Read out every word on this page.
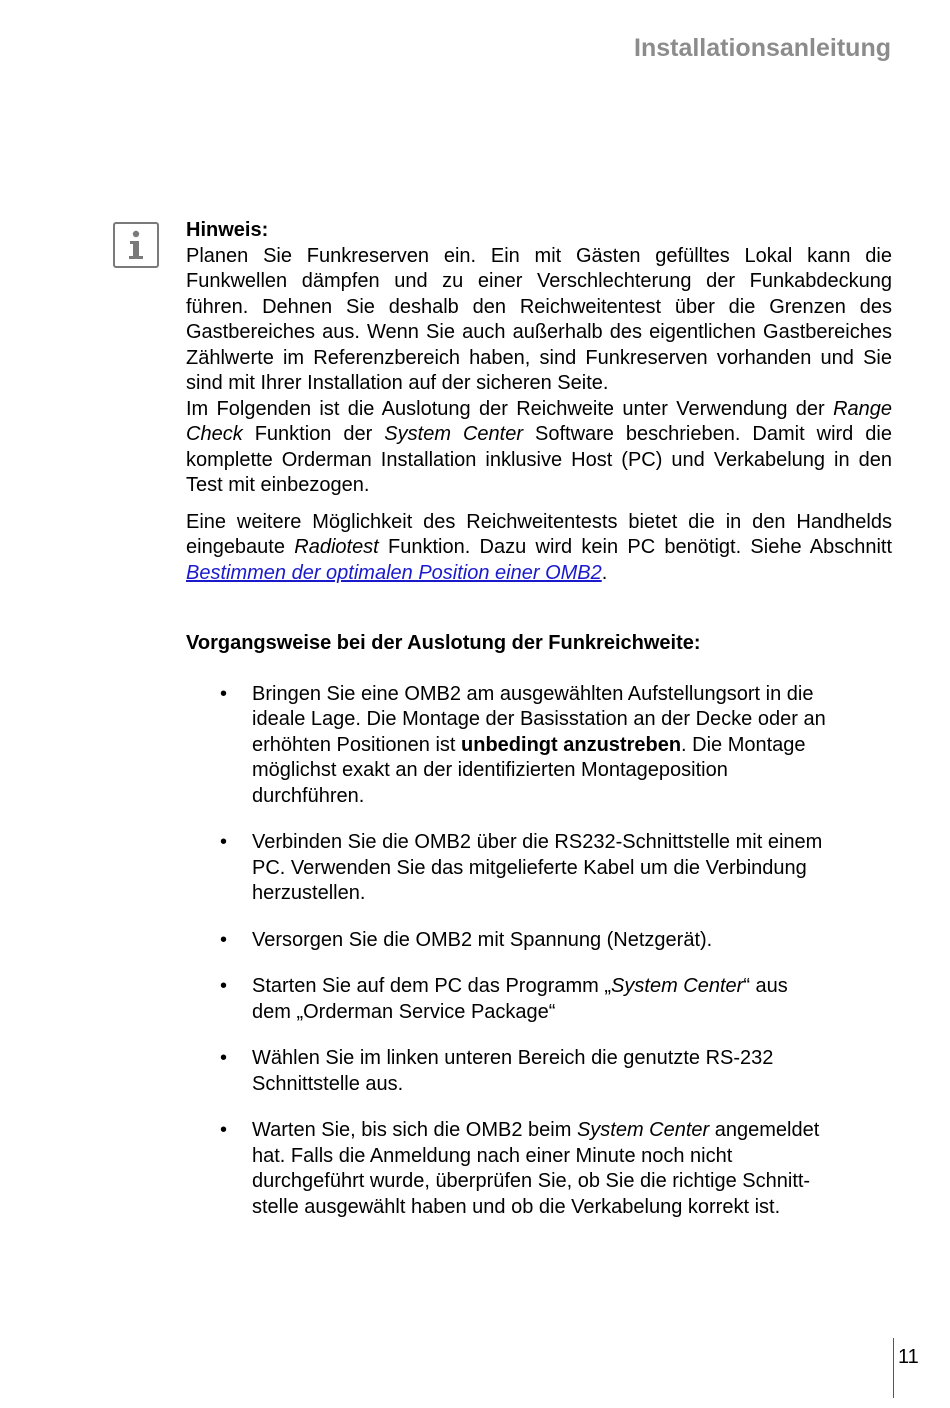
Installationsanleitung

Hinweis:

Planen Sie Funkreserven ein. Ein mit Gästen gefülltes Lokal kann die Funkwellen dämpfen und zu einer Verschlechterung der Funkabdeckung führen. Dehnen Sie deshalb den Reichweitentest über die Grenzen des Gastbereiches aus. Wenn Sie auch außerhalb des eigentlichen Gastbereiches Zählwerte im Referenzbereich haben, sind Funkreserven vorhanden und Sie sind mit Ihrer Installation auf der sicheren Seite.

Im Folgenden ist die Auslotung der Reichweite unter Verwendung der Range Check Funktion der System Center Software beschrieben. Damit wird die komplette Orderman Installation inklusive Host (PC) und Verkabelung in den Test mit einbezogen.

Eine weitere Möglichkeit des Reichweitentests bietet die in den Handhelds eingebaute Radiotest Funktion. Dazu wird kein PC benötigt. Siehe Abschnitt Bestimmen der optimalen Position einer OMB2.

Vorgangsweise bei der Auslotung der Funkreichweite:

• Bringen Sie eine OMB2 am ausgewählten Aufstellungsort in die ideale Lage. Die Montage der Basisstation an der Decke oder an erhöhten Positionen ist unbedingt anzustreben. Die Montage möglichst exakt an der identifizierten Montageposition durchführen.
• Verbinden Sie die OMB2 über die RS232-Schnittstelle mit einem PC. Verwenden Sie das mitgelieferte Kabel um die Verbindung herzustellen.
• Versorgen Sie die OMB2 mit Spannung (Netzgerät).
• Starten Sie auf dem PC das Programm „System Center“ aus dem „Orderman Service Package“
• Wählen Sie im linken unteren Bereich die genutzte RS-232 Schnittstelle aus.
• Warten Sie, bis sich die OMB2 beim System Center angemeldet hat. Falls die Anmeldung nach einer Minute noch nicht durchgeführt wurde, überprüfen Sie, ob Sie die richtige Schnitt-stelle ausgewählt haben und ob die Verkabelung korrekt ist.
11
